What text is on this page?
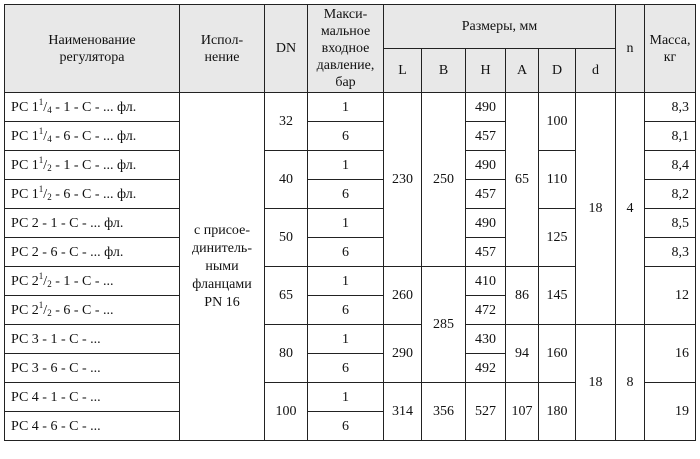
Наименование регулятора	Испол-нение	DN	Макси-мальное входное давление, бар	Размеры, мм						n	Масса, кг
				L	B	H	A	D	d		
РС $1^1/_4 - 1$ - С - ... фл.	с присое-динитель-ными фланцами PN 16	32	1	230	250	490	65	100	18	4	8,3
РС $1^1/_4 - 6$ - С - ... фл.			6			457					8,1
РС $1^1/_2 - 1$ - С - ... фл.		40	1			490		110			8,4
РС $1^1/_2 - 6$ - С - ... фл.			6			457					8,2
РС 2 - 1 - С - ... фл.		50	1			490		125			8,5
РС 2 - 6 - С - ... фл.			6			457					8,3
РС $2^1/_2 - 1$ - С - ...		65	1	260	285	410	86	145			12
РС $2^1/_2 - 6$ - С - ...			6			472					
РС 3 - 1 - С - ...		80	1	290		430	94	160	18	8	16
РС 3 - 6 - С - ...			6			492					
РС 4 - 1 - С - ...		100	1	314	356	527	107	180			19
РС 4 - 6 - С - ...			6								
